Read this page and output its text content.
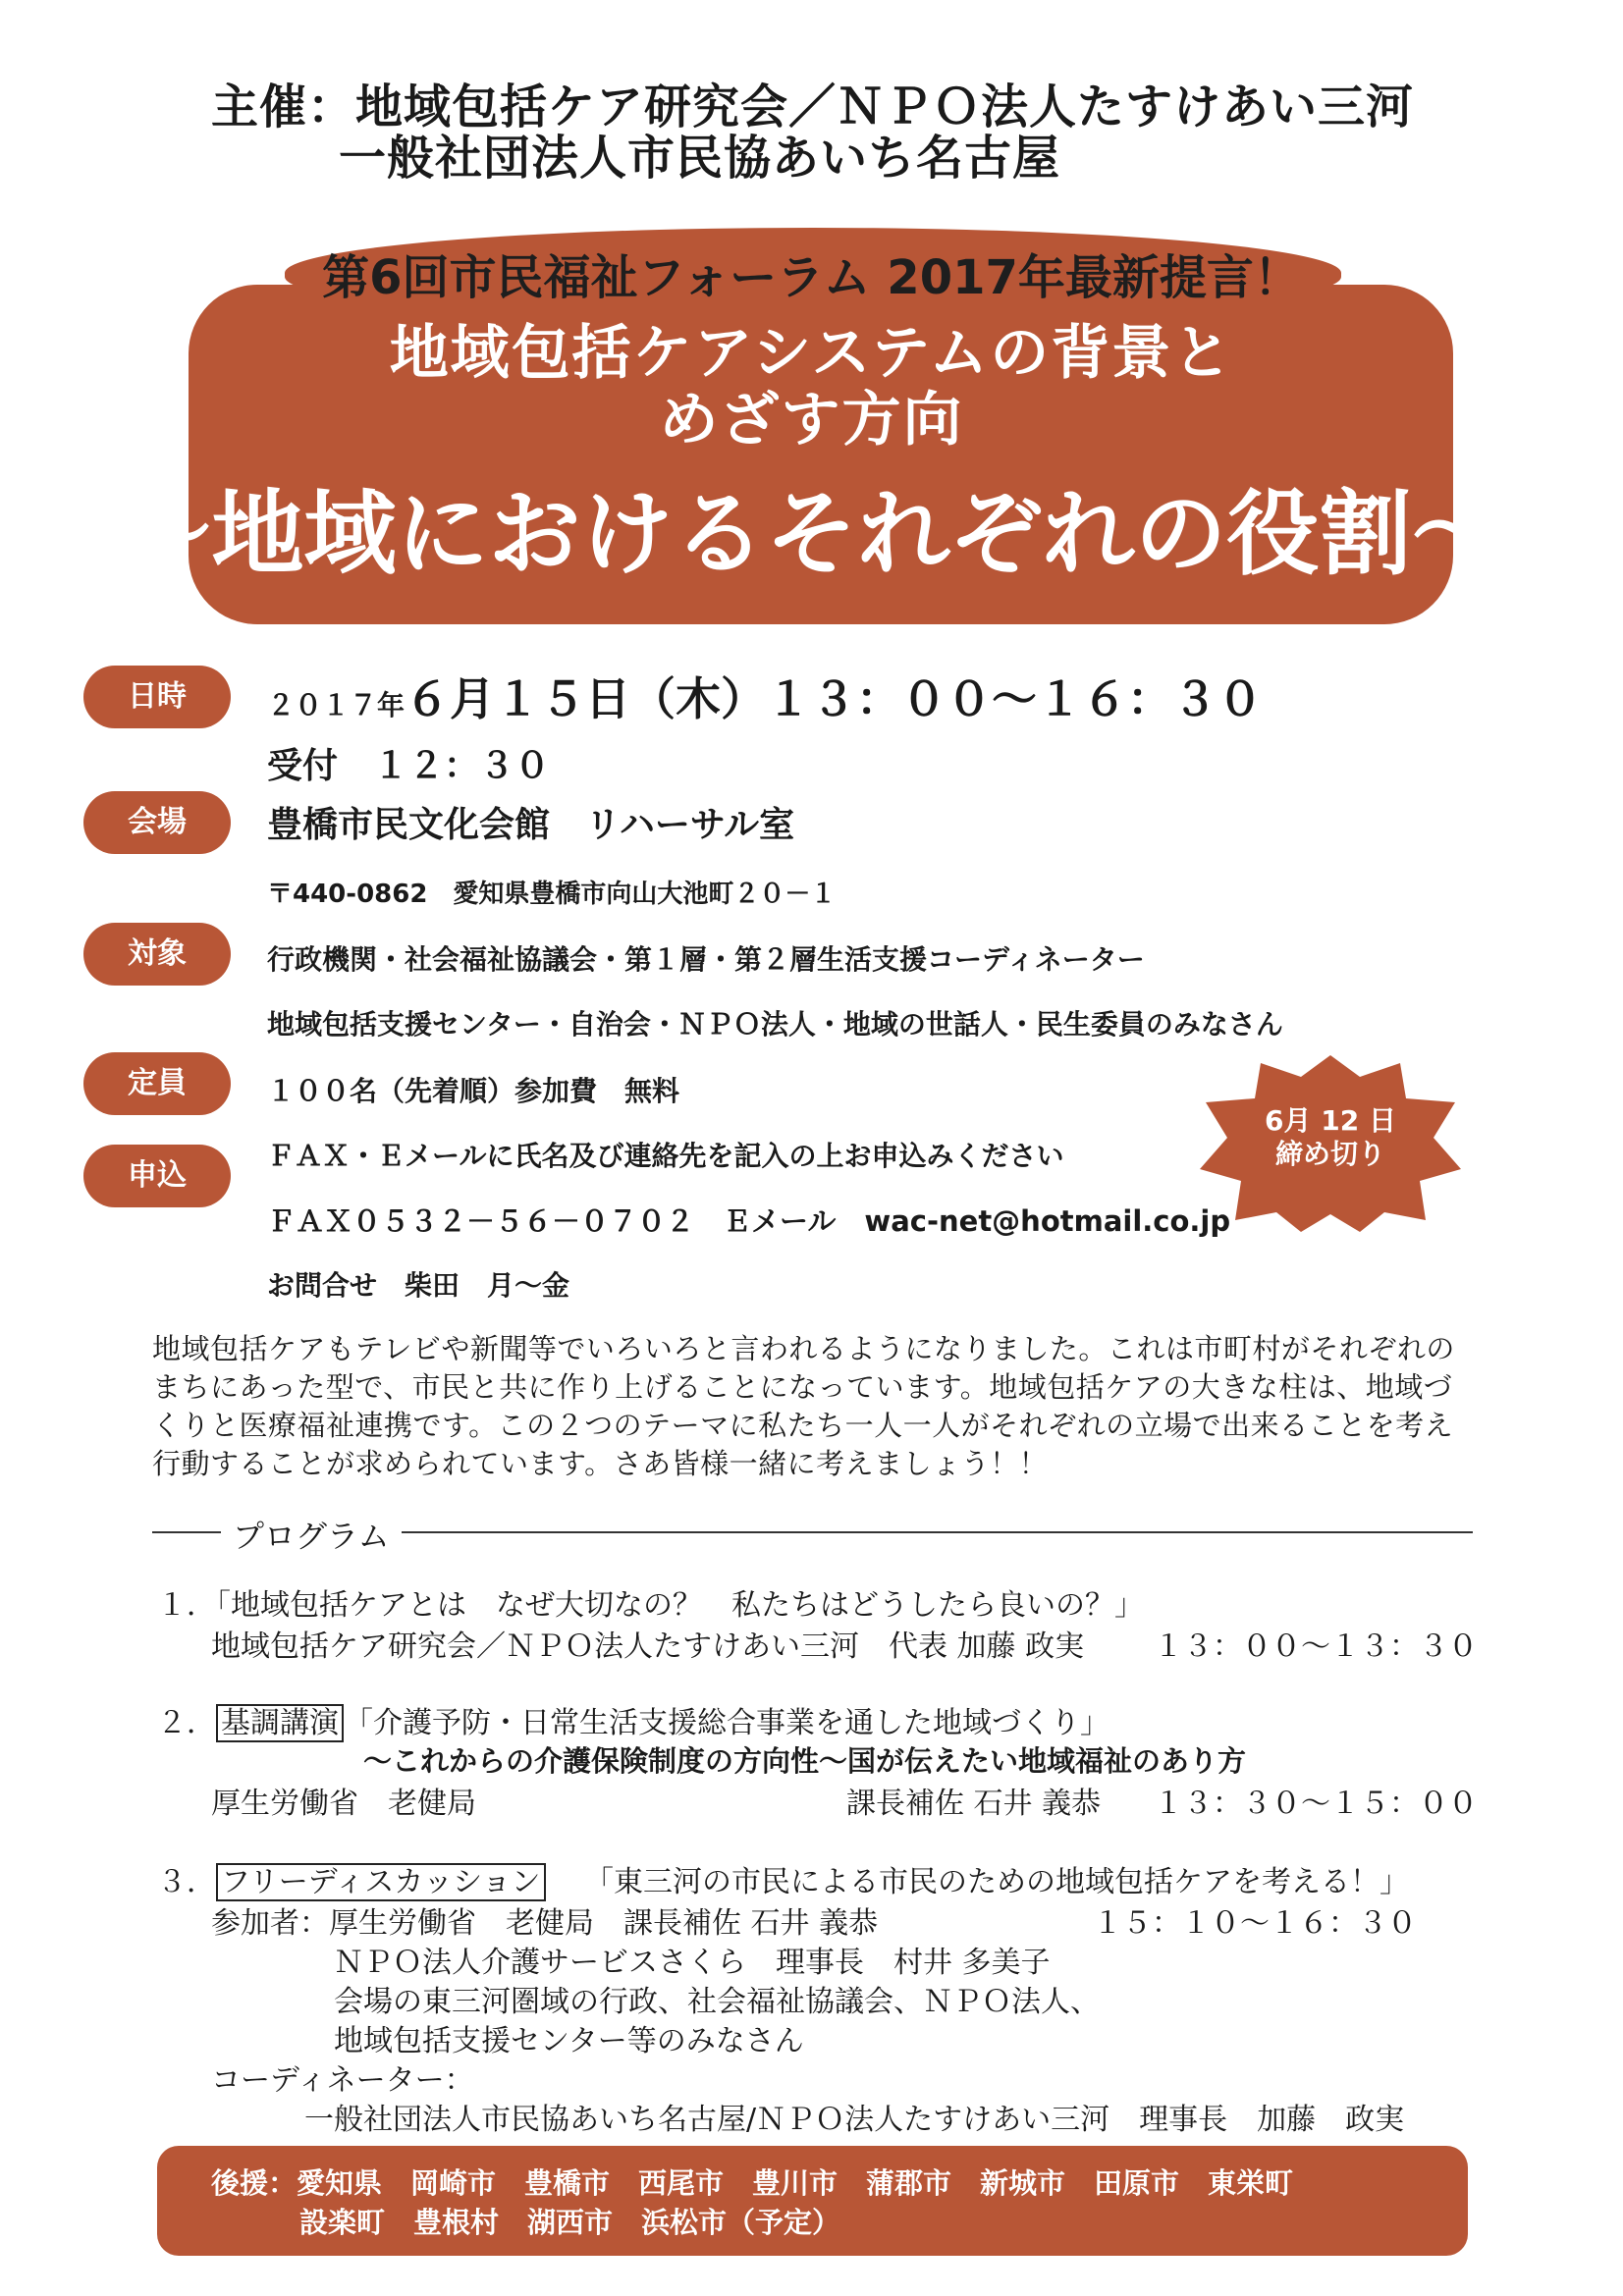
主催：地域包括ケア研究会／ＮＰＯ法人たすけあい三河
一般社団法人市民協あいち名古屋
第6回市民福祉フォーラム 2017年最新提言！
地域包括ケアシステムの背景と
めざす方向
～地域におけるそれぞれの役割～
日時	２０１７年６月１５日（木）１３：００～１６：３０
受付　１２：３０
会場	豊橋市民文化会館　リハーサル室
〒440-0862　愛知県豊橋市向山大池町２０－１
対象	行政機関・社会福祉協議会・第１層・第２層生活支援コーディネーター
地域包括支援センター・自治会・ＮＰＯ法人・地域の世話人・民生委員のみなさん
定員	１００名（先着順）参加費　無料
申込
ＦＡＸ・Ｅメールに氏名及び連絡先を記入の上お申込みください
ＦＡＸ０５３２－５６－０７０２　Ｅメール　wac-net@hotmail.co.jp
お問合せ　柴田　月～金
6月 12 日
締め切り
地域包括ケアもテレビや新聞等でいろいろと言われるようになりました。これは市町村がそれぞれのまちにあった型で、市民と共に作り上げることになっています。地域包括ケアの大きな柱は、地域づくりと医療福祉連携です。この２つのテーマに私たち一人一人がそれぞれの立場で出来ることを考え行動することが求められています。さあ皆様一緒に考えましょう！！
プログラム
１．「地域包括ケアとは　なぜ大切なの？　私たちはどうしたら良いの？」
地域包括ケア研究会／ＮＰＯ法人たすけあい三河　代表 加藤 政実 １３：００～１３：３０
２． 基調講演 「介護予防・日常生活支援総合事業を通した地域づくり」
～これからの介護保険制度の方向性～国が伝えたい地域福祉のあり方
厚生労働省　老健局	課長補佐 石井 義恭 １３：３０～１５：００
３． フリーディスカッション 「東三河の市民による市民のための地域包括ケアを考える！」
参加者：厚生労働省　老健局　課長補佐 石井 義恭	１５：１０～１６：３０
ＮＰＯ法人介護サービスさくら　理事長　村井 多美子
会場の東三河圏域の行政、社会福祉協議会、ＮＰＯ法人、
地域包括支援センター等のみなさん
コーディネーター：
一般社団法人市民協あいち名古屋/ＮＰＯ法人たすけあい三河　理事長　加藤　政実
後援：愛知県　岡崎市　豊橋市　西尾市　豊川市　蒲郡市　新城市　田原市　東栄町
設楽町　豊根村　湖西市　浜松市（予定）
